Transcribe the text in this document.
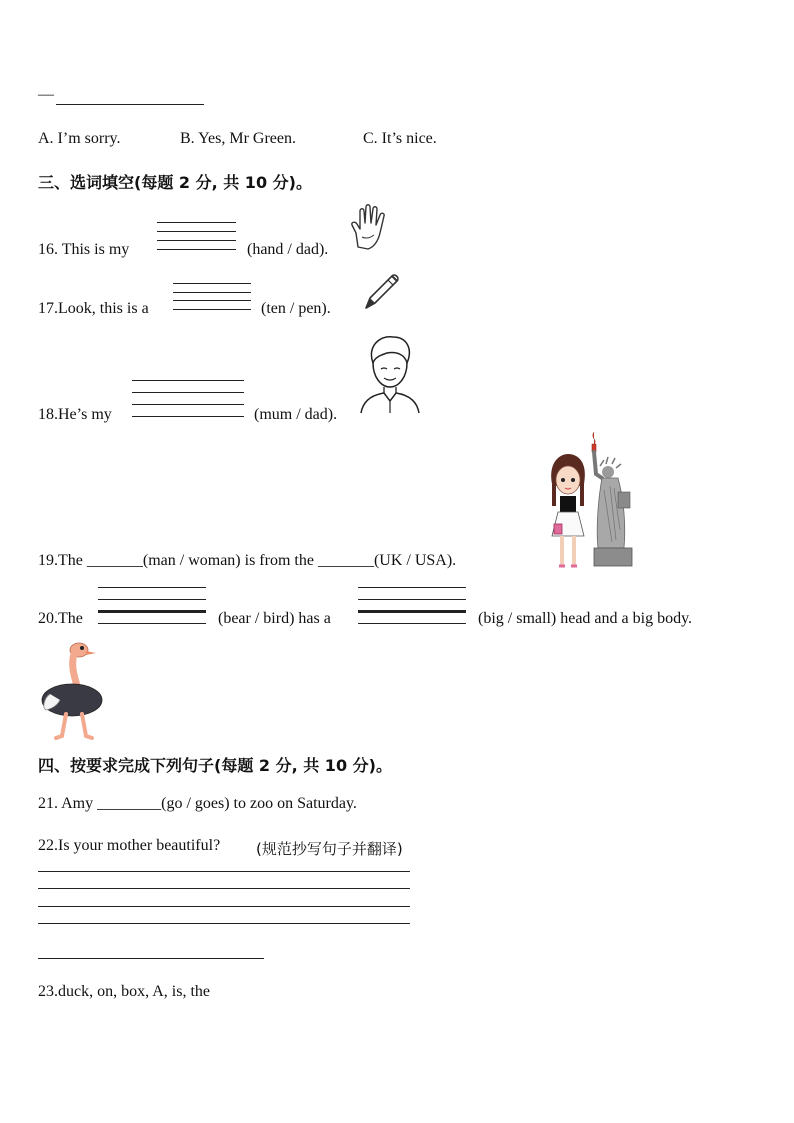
—
A. I’m sorry.	B. Yes, Mr Green.	C. It’s nice.
三、选词填空(每题 2 分, 共 10 分)。
16. This is my	(hand / dad).
17.Look, this is a	(ten / pen).
18.He’s my	(mum / dad).
19.The _______(man / woman) is from the _______(UK / USA).
20.The	(bear / bird) has a	(big / small) head and a big body.
四、按要求完成下列句子(每题 2 分, 共 10 分)。
21. Amy ________(go / goes) to zoo on Saturday.
22.Is your mother beautiful? (规范抄写句子并翻译)
23.duck, on, box, A, is, the
